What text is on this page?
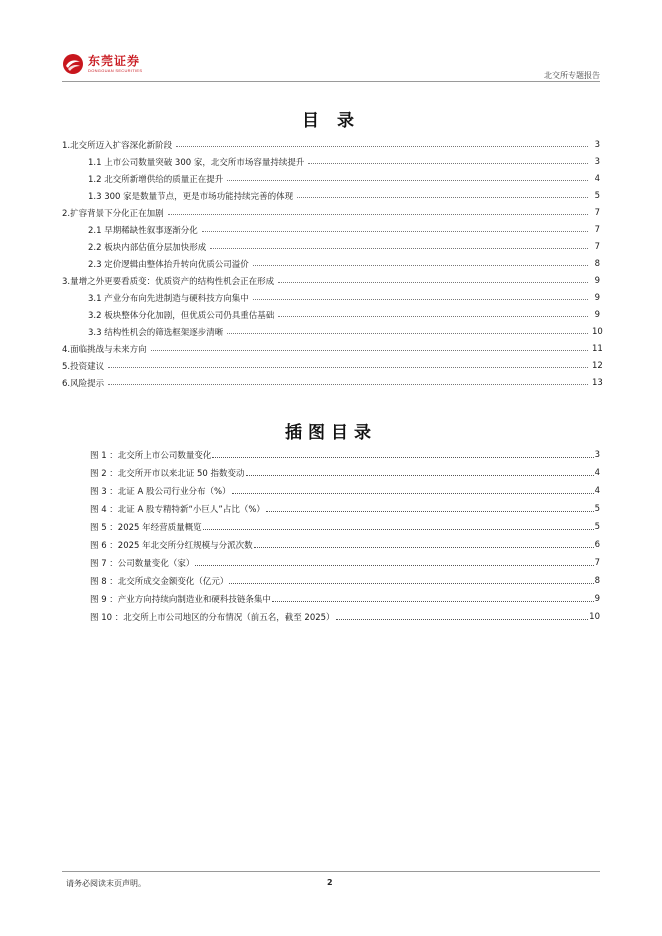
东莞证券
DONGGUAN SECURITIES
北交所专题报告
目 录
1.北交所迈入扩容深化新阶段	3
1.1 上市公司数量突破 300 家，北交所市场容量持续提升	3
1.2 北交所新增供给的质量正在提升	4
1.3 300 家是数量节点，更是市场功能持续完善的体现	5
2.扩容背景下分化正在加剧	7
2.1 早期稀缺性叙事逐渐分化	7
2.2 板块内部估值分层加快形成	7
2.3 定价逻辑由整体抬升转向优质公司溢价	8
3.量增之外更要看质变：优质资产的结构性机会正在形成	9
3.1 产业分布向先进制造与硬科技方向集中	9
3.2 板块整体分化加剧，但优质公司仍具重估基础	9
3.3 结构性机会的筛选框架逐步清晰	10
4.面临挑战与未来方向	11
5.投资建议	12
6.风险提示	13
插图目录
图 1 ：北交所上市公司数量变化	3
图 2 ：北交所开市以来北证 50 指数变动	4
图 3 ：北证 A 股公司行业分布（%）	4
图 4 ：北证 A 股专精特新“小巨人”占比（%）	5
图 5 ：2025 年经营质量概览	5
图 6 ：2025 年北交所分红规模与分派次数	6
图 7 ：公司数量变化（家）	7
图 8 ：北交所成交金额变化（亿元）	8
图 9 ：产业方向持续向制造业和硬科技链条集中	9
图 10 ：北交所上市公司地区的分布情况（前五名，截至 2025）	10
请务必阅读末页声明。	2
